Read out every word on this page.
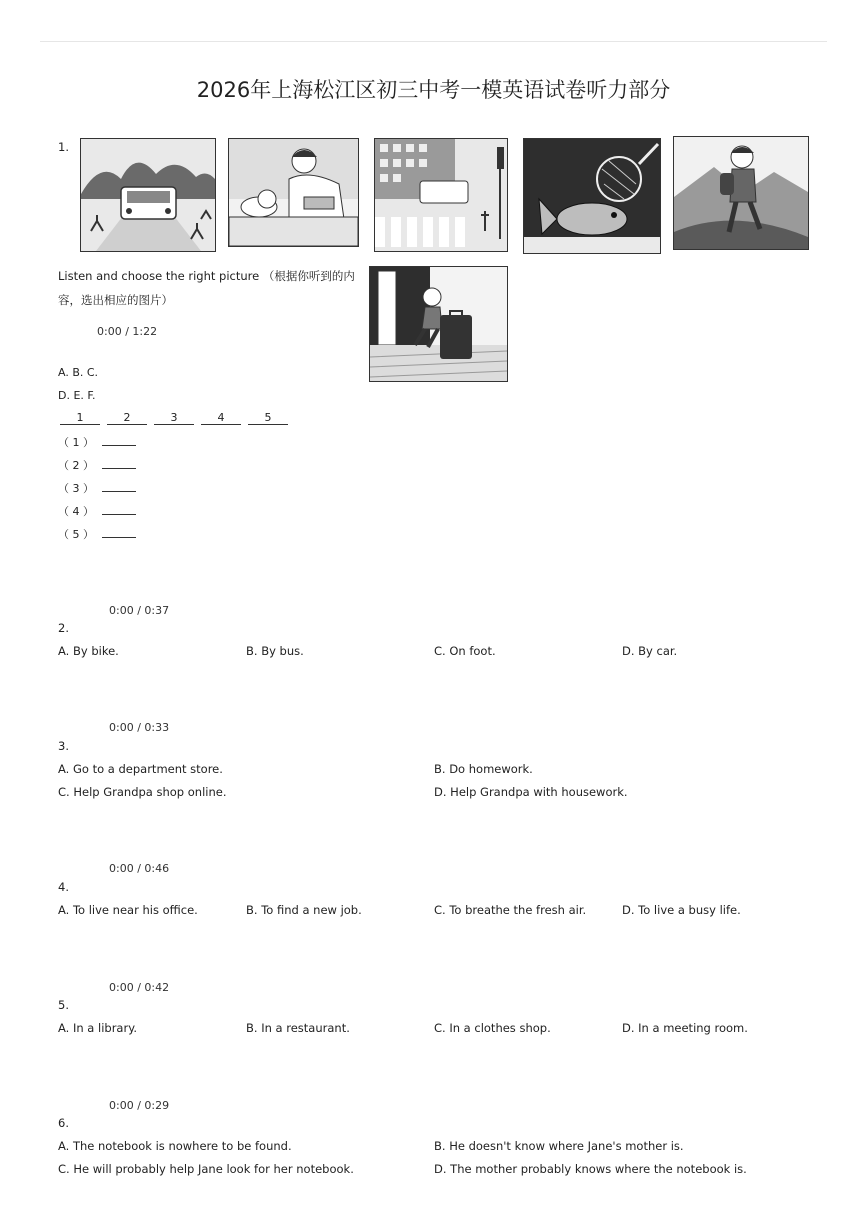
2026年上海松江区初三中考一模英语试卷听力部分
1.
Listen and choose the right picture （根据你听到的内
容，选出相应的图片）
0:00 / 1:22
A. B. C.
D. E. F.
1	2	3	4	5
（ 1 ）
（ 2 ）
（ 3 ）
（ 4 ）
（ 5 ）
0:00 / 0:37
2.
A. By bike.	B. By bus.	C. On foot.	D. By car.
0:00 / 0:33
3.
A. Go to a department store.	B. Do homework.
C. Help Grandpa shop online.	D. Help Grandpa with housework.
0:00 / 0:46
4.
A. To live near his office.	B. To find a new job.	C. To breathe the fresh air.	D. To live a busy life.
0:00 / 0:42
5.
A. In a library.	B. In a restaurant.	C. In a clothes shop.	D. In a meeting room.
0:00 / 0:29
6.
A. The notebook is nowhere to be found.	B. He doesn't know where Jane's mother is.
C. He will probably help Jane look for her notebook.	D. The mother probably knows where the notebook is.
